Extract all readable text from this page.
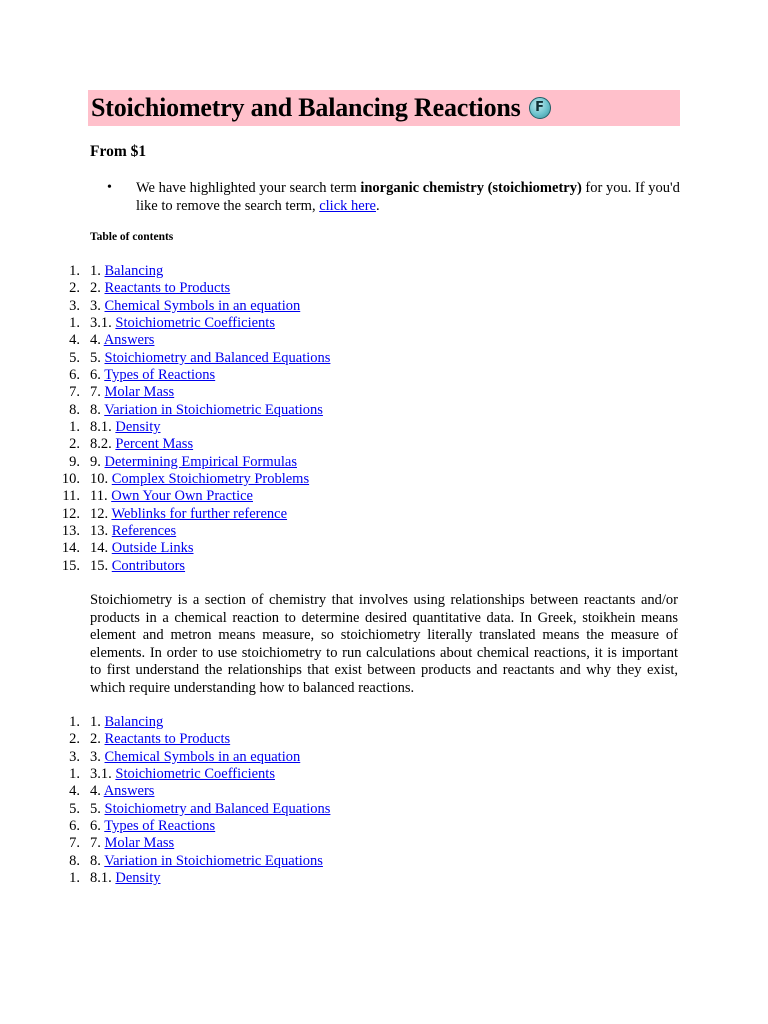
Stoichiometry and Balancing Reactions	F
From $1
• We have highlighted your search term inorganic chemistry (stoichiometry) for you. If you'd like to remove the search term, click here.
Table of contents
1. 1. Balancing
2. 2. Reactants to Products
3. 3. Chemical Symbols in an equation
1. 3.1. Stoichiometric Coefficients
4. 4. Answers
5. 5. Stoichiometry and Balanced Equations
6. 6. Types of Reactions
7. 7. Molar Mass
8. 8. Variation in Stoichiometric Equations
1. 8.1. Density
2. 8.2. Percent Mass
9. 9. Determining Empirical Formulas
10. 10. Complex Stoichiometry Problems
11. 11. Own Your Own Practice
12. 12. Weblinks for further reference
13. 13. References
14. 14. Outside Links
15. 15. Contributors
Stoichiometry is a section of chemistry that involves using relationships between reactants and/or products in a chemical reaction to determine desired quantitative data. In Greek, stoikhein means element and metron means measure, so stoichiometry literally translated means the measure of elements. In order to use stoichiometry to run calculations about chemical reactions, it is important to first understand the relationships that exist between products and reactants and why they exist, which require understanding how to balanced reactions.
1. 1. Balancing
2. 2. Reactants to Products
3. 3. Chemical Symbols in an equation
1. 3.1. Stoichiometric Coefficients
4. 4. Answers
5. 5. Stoichiometry and Balanced Equations
6. 6. Types of Reactions
7. 7. Molar Mass
8. 8. Variation in Stoichiometric Equations
1. 8.1. Density
